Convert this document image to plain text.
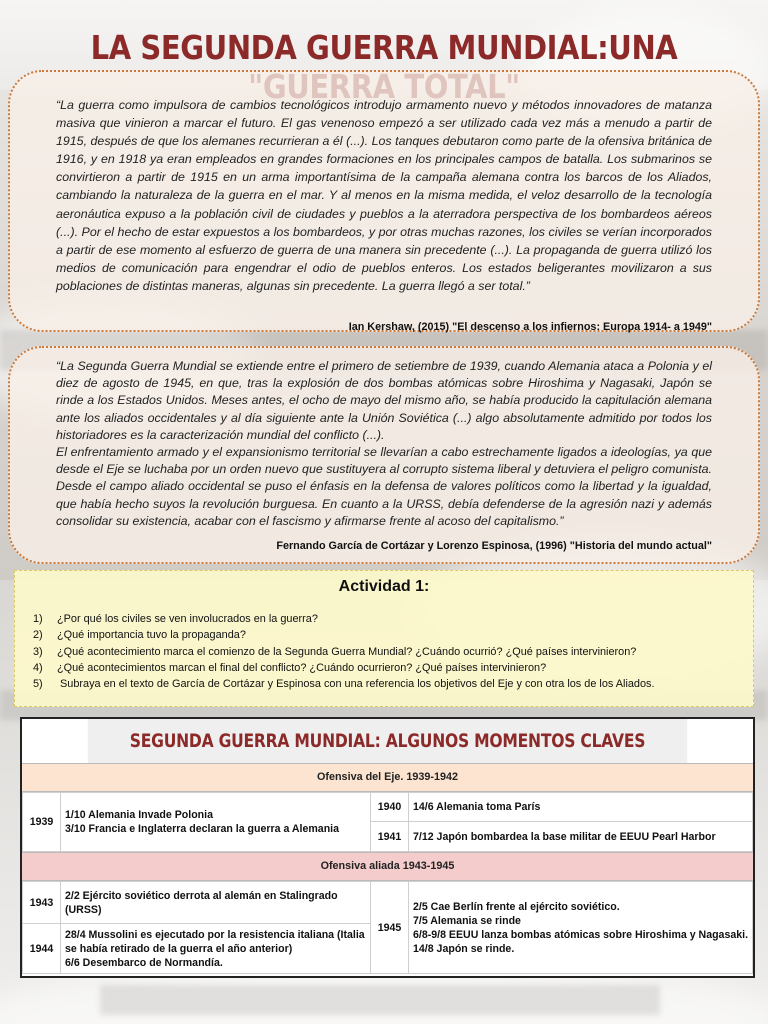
LA SEGUNDA GUERRA MUNDIAL:UNA

“La guerra como impulsora de cambios tecnológicos introdujo armamento nuevo y métodos innovadores de matanza masiva que vinieron a marcar el futuro. El gas venenoso empezó a ser utilizado cada vez más a menudo a partir de 1915, después de que los alemanes recurrieran a él (...). Los tanques debutaron como parte de la ofensiva británica de 1916, y en 1918 ya eran empleados en grandes formaciones en los principales campos de batalla. Los submarinos se convirtieron a partir de 1915 en un arma importantísima de la campaña alemana contra los barcos de los Aliados, cambiando la naturaleza de la guerra en el mar. Y al menos en la misma medida, el veloz desarrollo de la tecnología aeronáutica expuso a la población civil de ciudades y pueblos a la aterradora perspectiva de los bombardeos aéreos (...). Por el hecho de estar expuestos a los bombardeos, y por otras muchas razones, los civiles se verían incorporados a partir de ese momento al esfuerzo de guerra de una manera sin precedente (...). La propaganda de guerra utilizó los medios de comunicación para engendrar el odio de pueblos enteros. Los estados beligerantes movilizaron a sus poblaciones de distintas maneras, algunas sin precedente. La guerra llegó a ser total.”

Ian Kershaw, (2015) "El descenso a los infiernos: Europa 1914- a 1949"

“La Segunda Guerra Mundial se extiende entre el primero de setiembre de 1939, cuando Alemania ataca a Polonia y el diez de agosto de 1945, en que, tras la explosión de dos bombas atómicas sobre Hiroshima y Nagasaki, Japón se rinde a los Estados Unidos. Meses antes, el ocho de mayo del mismo año, se había producido la capitulación alemana ante los aliados occidentales y al día siguiente ante la Unión Soviética (...) algo absolutamente admitido por todos los historiadores es la caracterización mundial del conflicto (...).

El enfrentamiento armado y el expansionismo territorial se llevarían a cabo estrechamente ligados a ideologías, ya que desde el Eje se luchaba por un orden nuevo que sustituyera al corrupto sistema liberal y detuviera el peligro comunista. Desde el campo aliado occidental se puso el énfasis en la defensa de valores políticos como la libertad y la igualdad, que había hecho suyos la revolución burguesa. En cuanto a la URSS, debía defenderse de la agresión nazi y además consolidar su existencia, acabar con el fascismo y afirmarse frente al acoso del capitalismo.”

Fernando García de Cortázar y Lorenzo Espinosa, (1996) "Historia del mundo actual"
Actividad 1:
1)	¿Por qué los civiles se ven involucrados en la guerra?
2)	¿Qué importancia tuvo la propaganda?
3)	¿Qué acontecimiento marca el comienzo de la Segunda Guerra Mundial? ¿Cuándo ocurrió? ¿Qué países intervinieron?
4)	¿Qué acontecimientos marcan el final del conflicto? ¿Cuándo ocurrieron? ¿Qué países intervinieron?
5)	Subraya en el texto de García de Cortázar y Espinosa con una referencia los objetivos del Eje y con otra los de los Aliados.
SEGUNDA GUERRA MUNDIAL: ALGUNOS MOMENTOS CLAVES
Ofensiva del Eje. 1939-1942
1939	1/10 Alemania Invade Polonia
3/10 Francia e Inglaterra declaran la guerra a Alemania	1940	14/6 Alemania toma París
		1941	7/12 Japón bombardea la base militar de EEUU Pearl Harbor
Ofensiva aliada 1943-1945
1943	2/2 Ejército soviético derrota al alemán en Stalingrado (URSS)	1945	2/5 Cae Berlín frente al ejército soviético.
7/5 Alemania se rinde
6/8-9/8 EEUU lanza bombas atómicas sobre Hiroshima y Nagasaki.
14/8 Japón se rinde.

1944	28/4 Mussolini es ejecutado por la resistencia italiana (Italia se había retirado de la guerra el año anterior)
6/6 Desembarco de Normandía.		
